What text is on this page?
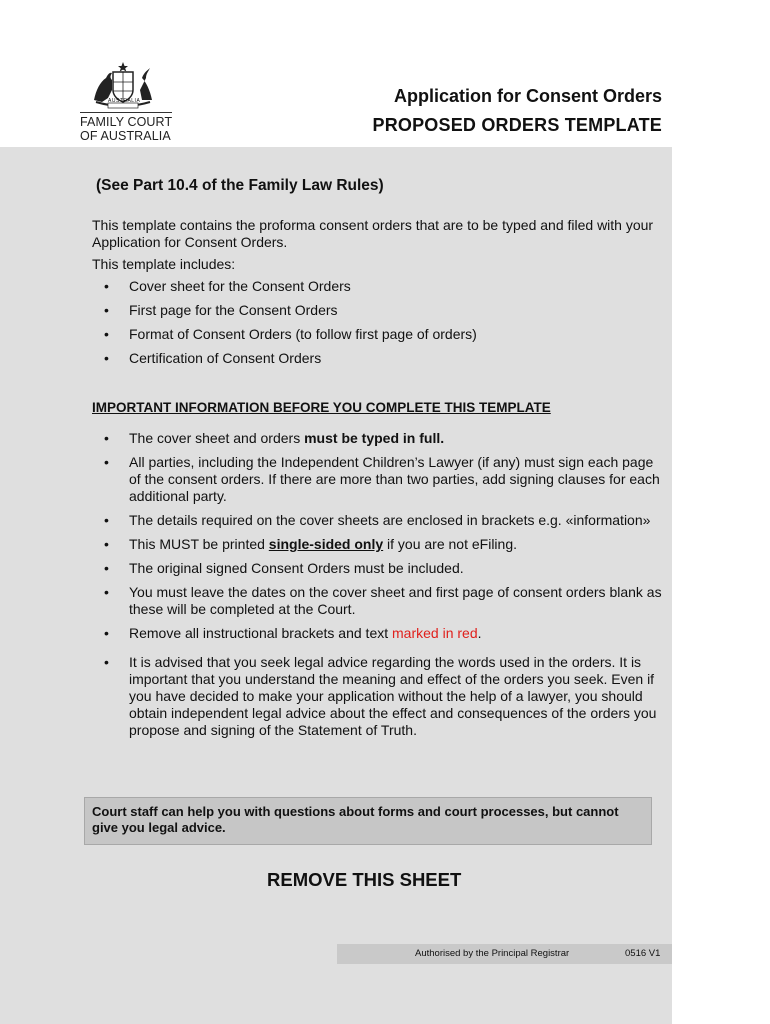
AUSTRALIA
FAMILY COURT
OF AUSTRALIA
Application for Consent Orders
PROPOSED ORDERS TEMPLATE
(See Part 10.4 of the Family Law Rules)

This template contains the proforma consent orders that are to be typed and filed with your Application for Consent Orders.

This template includes:

• Cover sheet for the Consent Orders
• First page for the Consent Orders
• Format of Consent Orders (to follow first page of orders)
• Certification of Consent Orders
IMPORTANT INFORMATION BEFORE YOU COMPLETE THIS TEMPLATE
• The cover sheet and orders must be typed in full.
• All parties, including the Independent Children’s Lawyer (if any) must sign each page of the consent orders. If there are more than two parties, add signing clauses for each additional party.
• The details required on the cover sheets are enclosed in brackets e.g. «information»
• This MUST be printed single-sided only if you are not eFiling.
• The original signed Consent Orders must be included.
• You must leave the dates on the cover sheet and first page of consent orders blank as these will be completed at the Court.
• Remove all instructional brackets and text marked in red.
• It is advised that you seek legal advice regarding the words used in the orders. It is important that you understand the meaning and effect of the orders you seek. Even if you have decided to make your application without the help of a lawyer, you should obtain independent legal advice about the effect and consequences of the orders you propose and signing of the Statement of Truth.
Court staff can help you with questions about forms and court processes, but cannot give you legal advice.
REMOVE THIS SHEET
Authorised by the Principal Registrar	0516 V1
